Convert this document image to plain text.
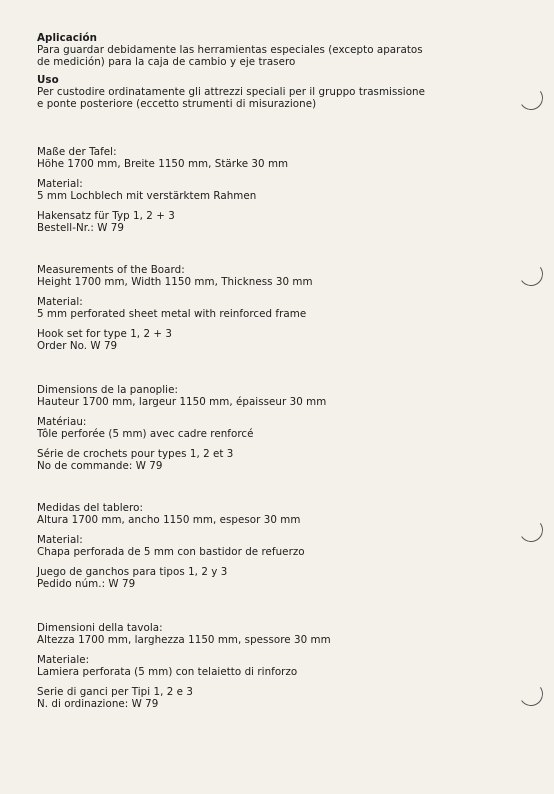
Aplicación
Para guardar debidamente las herramientas especiales (excepto aparatos
de medición) para la caja de cambio y eje trasero
Uso
Per custodire ordinatamente gli attrezzi speciali per il gruppo trasmissione
e ponte posteriore (eccetto strumenti di misurazione)
Maße der Tafel:
Höhe 1700 mm, Breite 1150 mm, Stärke 30 mm
Material:
5 mm Lochblech mit verstärktem Rahmen
Hakensatz für Typ 1, 2 + 3
Bestell-Nr.: W 79
Measurements of the Board:
Height 1700 mm, Width 1150 mm, Thickness 30 mm
Material:
5 mm perforated sheet metal with reinforced frame
Hook set for type 1, 2 + 3
Order No. W 79
Dimensions de la panoplie:
Hauteur 1700 mm, largeur 1150 mm, épaisseur 30 mm
Matériau:
Tôle perforée (5 mm) avec cadre renforcé
Série de crochets pour types 1, 2 et 3
No de commande: W 79
Medidas del tablero:
Altura 1700 mm, ancho 1150 mm, espesor 30 mm
Material:
Chapa perforada de 5 mm con bastidor de refuerzo
Juego de ganchos para tipos 1, 2 y 3
Pedido núm.: W 79
Dimensioni della tavola:
Altezza 1700 mm, larghezza 1150 mm, spessore 30 mm
Materiale:
Lamiera perforata (5 mm) con telaietto di rinforzo
Serie di ganci per Tipi 1, 2 e 3
N. di ordinazione: W 79
